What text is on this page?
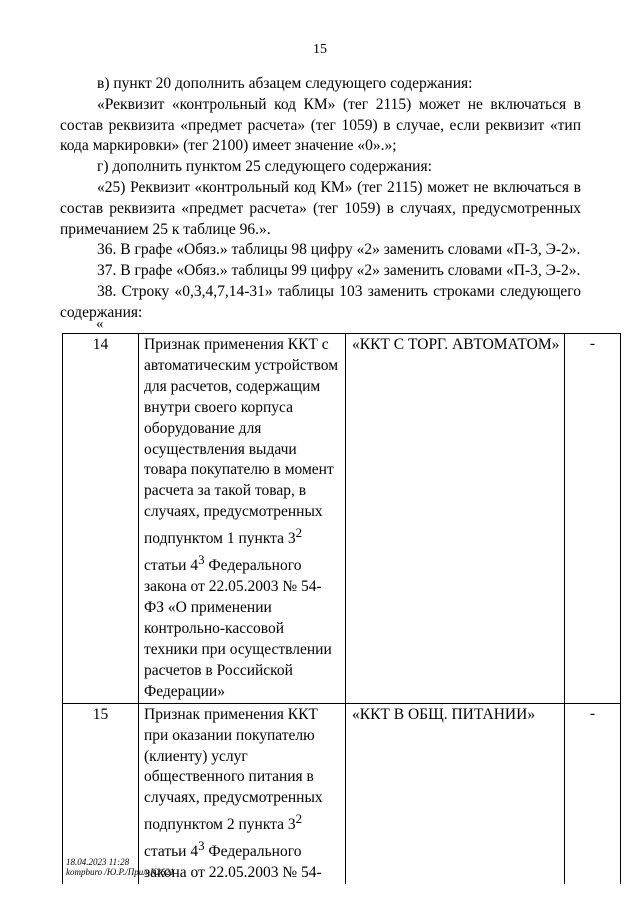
15

в) пункт 20 дополнить абзацем следующего содержания:

«Реквизит «контрольный код КМ» (тег 2115) может не включаться в состав реквизита «предмет расчета» (тег 1059) в случае, если реквизит «тип кода маркировки» (тег 2100) имеет значение «0».»;

г) дополнить пунктом 25 следующего содержания:

«25) Реквизит «контрольный код КМ» (тег 2115) может не включаться в состав реквизита «предмет расчета» (тег 1059) в случаях, предусмотренных примечанием 25 к таблице 96.».

36. В графе «Обяз.» таблицы 98 цифру «2» заменить словами «П-3, Э-2».

37. В графе «Обяз.» таблицы 99 цифру «2» заменить словами «П-3, Э-2».

38. Строку «0,3,4,7,14-31» таблицы 103 заменить строками следующего содержания:

«
14	Признак применения ККТ с автоматическим устройством для расчетов, содержащим внутри своего корпуса оборудование для осуществления выдачи товара покупателю в момент расчета за такой товар, в случаях, предусмотренных подпунктом 1 пункта $3^2$ статьи $4^3$ Федерального закона от 22.05.2003 № 54-ФЗ «О применении контрольно-кассовой техники при осуществлении расчетов в Российской Федерации»	«ККТ С ТОРГ. АВТОМАТОМ»	-
15	Признак применения ККТ при оказании покупателю (клиенту) услуг общественного питания в случаях, предусмотренных подпунктом 2 пункта $3^2$ статьи $4^3$ Федерального закона от 22.05.2003 № 54-	«ККТ В ОБЩ. ПИТАНИИ»	-
18.04.2023 11:28
kompburo /Ю.Р./Прил-К2621
